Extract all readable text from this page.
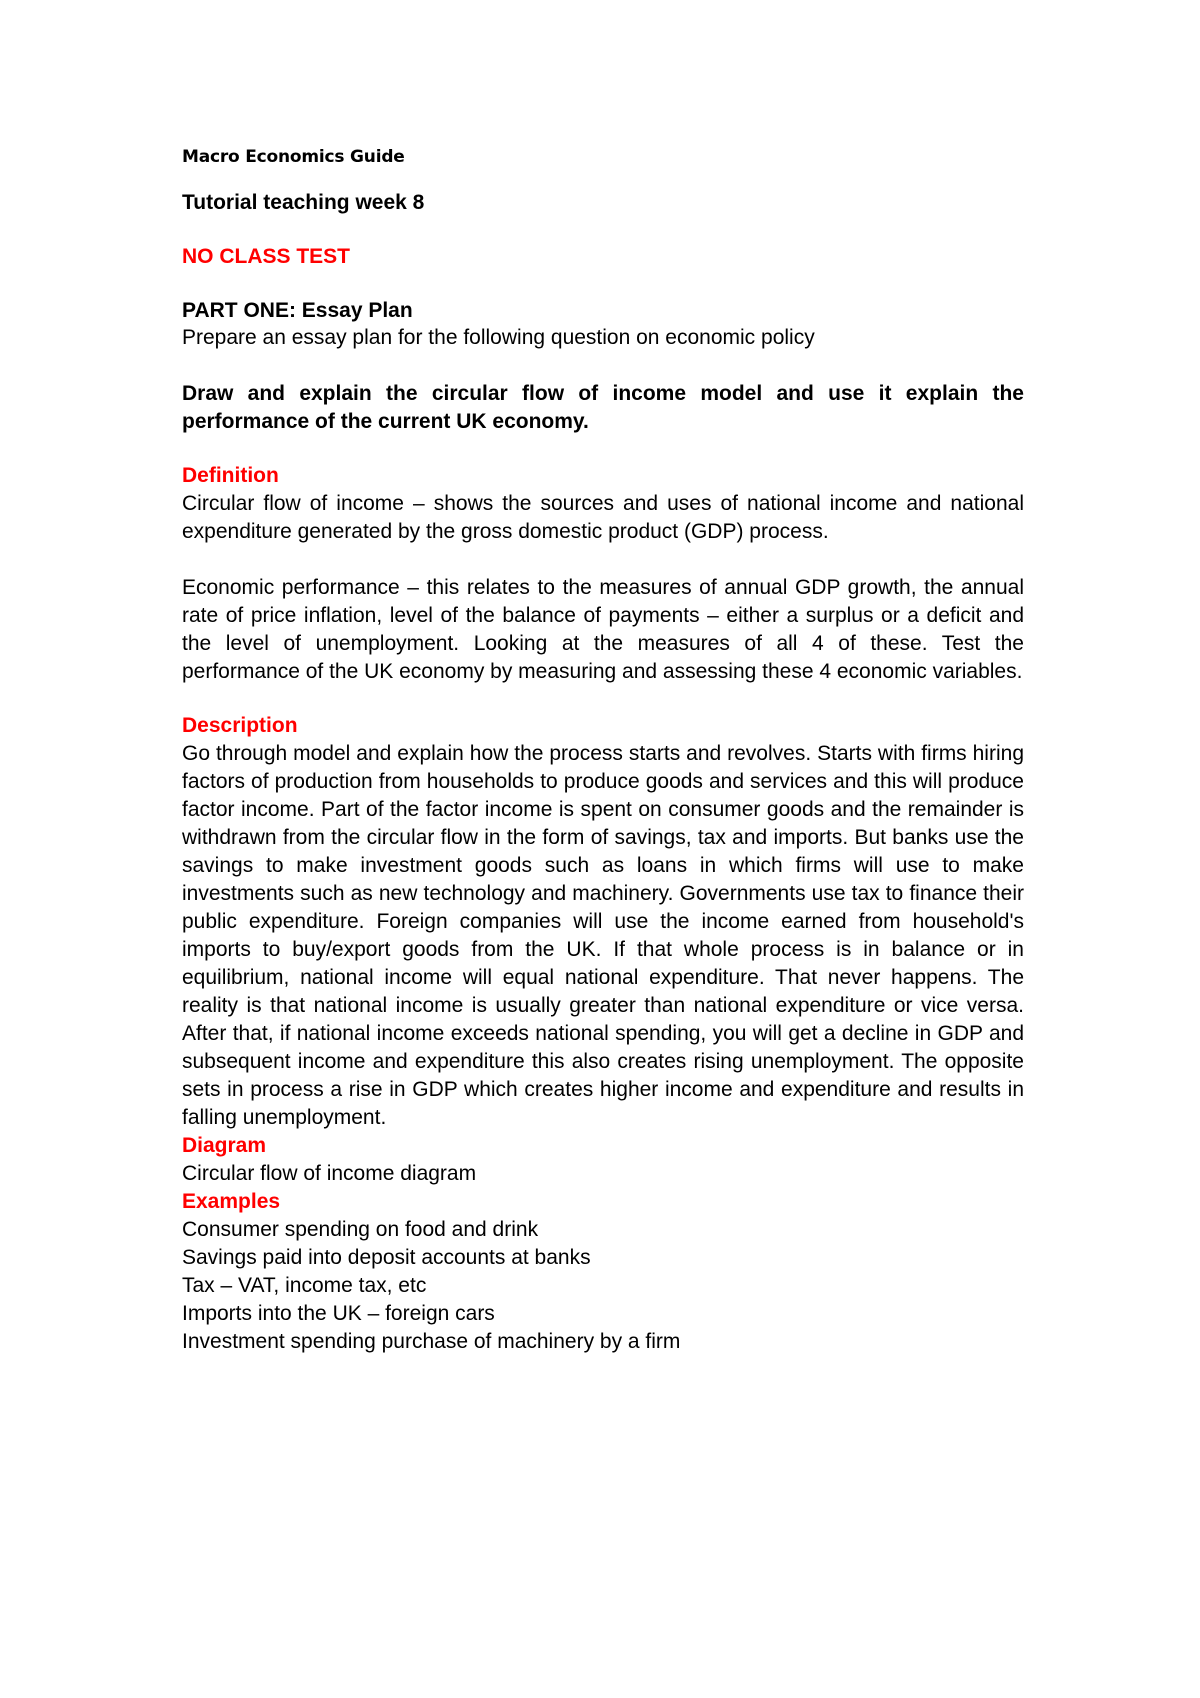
Macro Economics Guide
Tutorial teaching week 8
NO CLASS TEST
PART ONE: Essay Plan

Prepare an essay plan for the following question on economic policy

Draw and explain the circular flow of income model and use it explain the performance of the current UK economy.
Definition

Circular flow of income – shows the sources and uses of national income and national expenditure generated by the gross domestic product (GDP) process.

Economic performance – this relates to the measures of annual GDP growth, the annual rate of price inflation, level of the balance of payments – either a surplus or a deficit and the level of unemployment. Looking at the measures of all 4 of these. Test the performance of the UK economy by measuring and assessing these 4 economic variables.

Description

Go through model and explain how the process starts and revolves. Starts with firms hiring factors of production from households to produce goods and services and this will produce factor income. Part of the factor income is spent on consumer goods and the remainder is withdrawn from the circular flow in the form of savings, tax and imports. But banks use the savings to make investment goods such as loans in which firms will use to make investments such as new technology and machinery. Governments use tax to finance their public expenditure. Foreign companies will use the income earned from household's imports to buy/export goods from the UK. If that whole process is in balance or in equilibrium, national income will equal national expenditure. That never happens. The reality is that national income is usually greater than national expenditure or vice versa. After that, if national income exceeds national spending, you will get a decline in GDP and subsequent income and expenditure this also creates rising unemployment. The opposite sets in process a rise in GDP which creates higher income and expenditure and results in falling unemployment.

Diagram

Circular flow of income diagram

Examples
Consumer spending on food and drink
Savings paid into deposit accounts at banks
Tax – VAT, income tax, etc
Imports into the UK – foreign cars
Investment spending purchase of machinery by a firm
